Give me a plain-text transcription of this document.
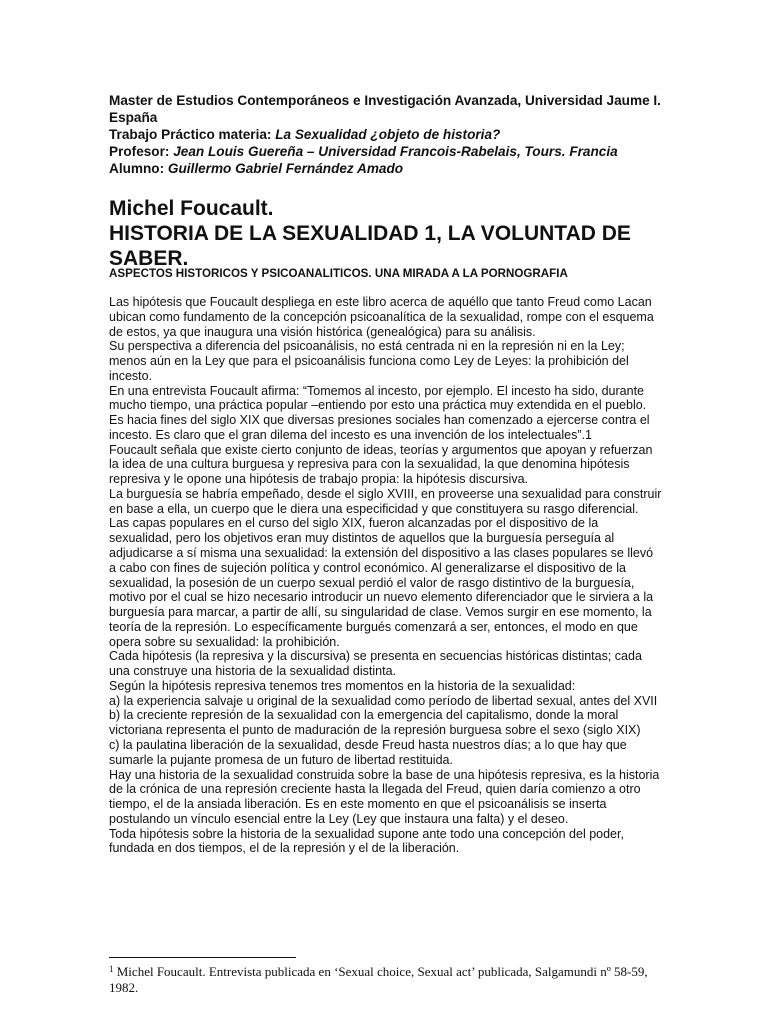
Master de Estudios Contemporáneos e Investigación Avanzada, Universidad Jaume I. España
Trabajo Práctico materia: La Sexualidad ¿objeto de historia?
Profesor: Jean Louis Guereña – Universidad Francois-Rabelais, Tours. Francia
Alumno: Guillermo Gabriel Fernández Amado
Michel Foucault.
HISTORIA DE LA SEXUALIDAD 1, LA VOLUNTAD DE SABER.
ASPECTOS HISTORICOS Y PSICOANALITICOS. UNA MIRADA A LA PORNOGRAFIA

Las hipótesis que Foucault despliega en este libro acerca de aquéllo que tanto Freud como Lacan ubican como fundamento de la concepción psicoanalítica de la sexualidad, rompe con el esquema de estos, ya que inaugura una visión histórica (genealógica) para su análisis.

Su perspectiva a diferencia del psicoanálisis, no está centrada ni en la represión ni en la Ley; menos aún en la Ley que para el psicoanálisis funciona como Ley de Leyes: la prohibición del incesto.

En una entrevista Foucault afirma: “Tomemos al incesto, por ejemplo. El incesto ha sido, durante mucho tiempo, una práctica popular –entiendo por esto una práctica muy extendida en el pueblo. Es hacia fines del siglo XIX que diversas presiones sociales han comenzado a ejercerse contra el incesto. Es claro que el gran dilema del incesto es una invención de los intelectuales”.1

Foucault señala que existe cierto conjunto de ideas, teorías y argumentos que apoyan y refuerzan la idea de una cultura burguesa y represiva para con la sexualidad, la que denomina hipótesis represiva y le opone una hipótesis de trabajo propia: la hipótesis discursiva.

La burguesía se habría empeñado, desde el siglo XVIII, en proveerse una sexualidad para construir en base a ella, un cuerpo que le diera una especificidad y que constituyera su rasgo diferencial. Las capas populares en el curso del siglo XIX, fueron alcanzadas por el dispositivo de la sexualidad, pero los objetivos eran muy distintos de aquellos que la burguesía perseguía al adjudicarse a sí misma una sexualidad: la extensión del dispositivo a las clases populares se llevó a cabo con fines de sujeción política y control económico. Al generalizarse el dispositivo de la sexualidad, la posesión de un cuerpo sexual perdió el valor de rasgo distintivo de la burguesía, motivo por el cual se hizo necesario introducir un nuevo elemento diferenciador que le sirviera a la burguesía para marcar, a partir de allí, su singularidad de clase. Vemos surgir en ese momento, la teoría de la represión. Lo específicamente burgués comenzará a ser, entonces, el modo en que opera sobre su sexualidad: la prohibición.

Cada hipótesis (la represiva y la discursiva) se presenta en secuencias históricas distintas; cada una construye una historia de la sexualidad distinta.

Según la hipótesis represiva tenemos tres momentos en la historia de la sexualidad:

a) la experiencia salvaje u original de la sexualidad como período de libertad sexual, antes del XVII

b) la creciente represión de la sexualidad con la emergencia del capitalismo, donde la moral victoriana representa el punto de maduración de la represión burguesa sobre el sexo (siglo XIX)

c) la paulatina liberación de la sexualidad, desde Freud hasta nuestros días; a lo que hay que sumarle la pujante promesa de un futuro de libertad restituida.

Hay una historia de la sexualidad construida sobre la base de una hipótesis represiva, es la historia de la crónica de una represión creciente hasta la llegada del Freud, quien daría comienzo a otro tiempo, el de la ansiada liberación. Es en este momento en que el psicoanálisis se inserta postulando un vínculo esencial entre la Ley (Ley que instaura una falta) y el deseo.

Toda hipótesis sobre la historia de la sexualidad supone ante todo una concepción del poder, fundada en dos tiempos, el de la represión y el de la liberación.

$^1$ Michel Foucault. Entrevista publicada en ‘Sexual choice, Sexual act’ publicada, Salgamundi nº 58-59, 1982.
